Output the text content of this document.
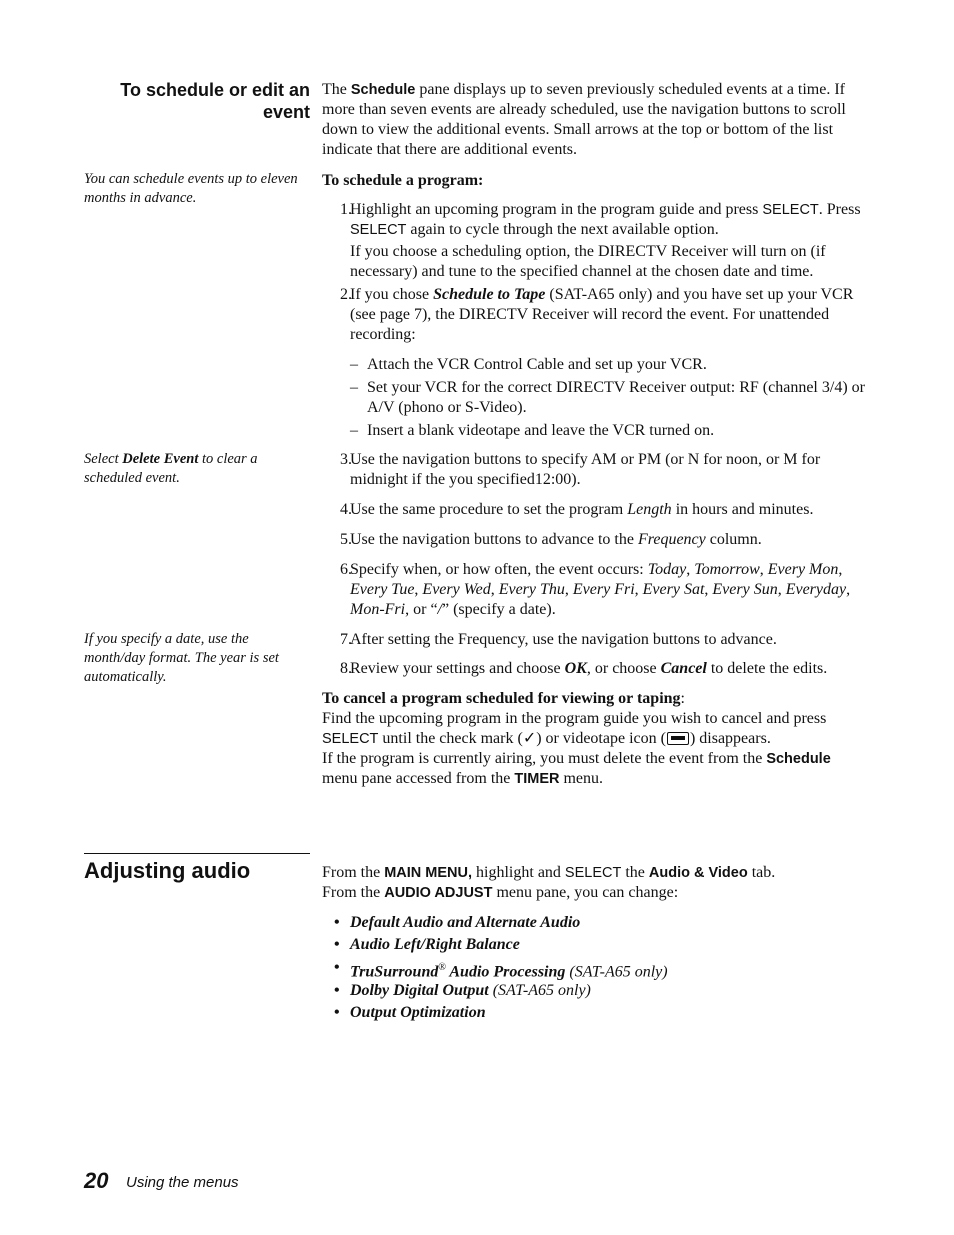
To schedule or edit an event
The Schedule pane displays up to seven previously scheduled events at a time. If more than seven events are already scheduled, use the navigation buttons to scroll down to view the additional events. Small arrows at the top or bottom of the list indicate that there are additional events.
You can schedule events up to eleven months in advance.
To schedule a program:
1.
Highlight an upcoming program in the program guide and press SELECT. Press SELECT again to cycle through the next available option.
If you choose a scheduling option, the DIRECTV Receiver will turn on (if necessary) and tune to the specified channel at the chosen date and time.
2.
If you chose Schedule to Tape (SAT-A65 only) and you have set up your VCR (see page 7), the DIRECTV Receiver will record the event. For unattended recording:
– Attach the VCR Control Cable and set up your VCR.
– Set your VCR for the correct DIRECTV Receiver output: RF (channel 3/4) or A/V (phono or S-Video).
– Insert a blank videotape and leave the VCR turned on.
Select Delete Event to clear a scheduled event.
3.
Use the navigation buttons to specify AM or PM (or N for noon, or M for midnight if the you specified12:00).
4.
Use the same procedure to set the program Length in hours and minutes.
5.
Use the navigation buttons to advance to the Frequency column.
6.
Specify when, or how often, the event occurs: Today, Tomorrow, Every Mon, Every Tue, Every Wed, Every Thu, Every Fri, Every Sat, Every Sun, Everyday, Mon-Fri, or “/” (specify a date).
If you specify a date, use the month/day format. The year is set automatically.
7.
After setting the Frequency, use the navigation buttons to advance.
8.
Review your settings and choose OK, or choose Cancel to delete the edits.
To cancel a program scheduled for viewing or taping:
Find the upcoming program in the program guide you wish to cancel and press SELECT until the check mark (✓) or videotape icon ( ) disappears.
If the program is currently airing, you must delete the event from the Schedule menu pane accessed from the TIMER menu.
Adjusting audio	From the MAIN MENU, highlight and SELECT the Audio & Video tab.
From the AUDIO ADJUST menu pane, you can change:
• Default Audio and Alternate Audio
• Audio Left/Right Balance
• TruSurround® Audio Processing (SAT-A65 only)
• Dolby Digital Output (SAT-A65 only)
• Output Optimization
20 Using the menus
